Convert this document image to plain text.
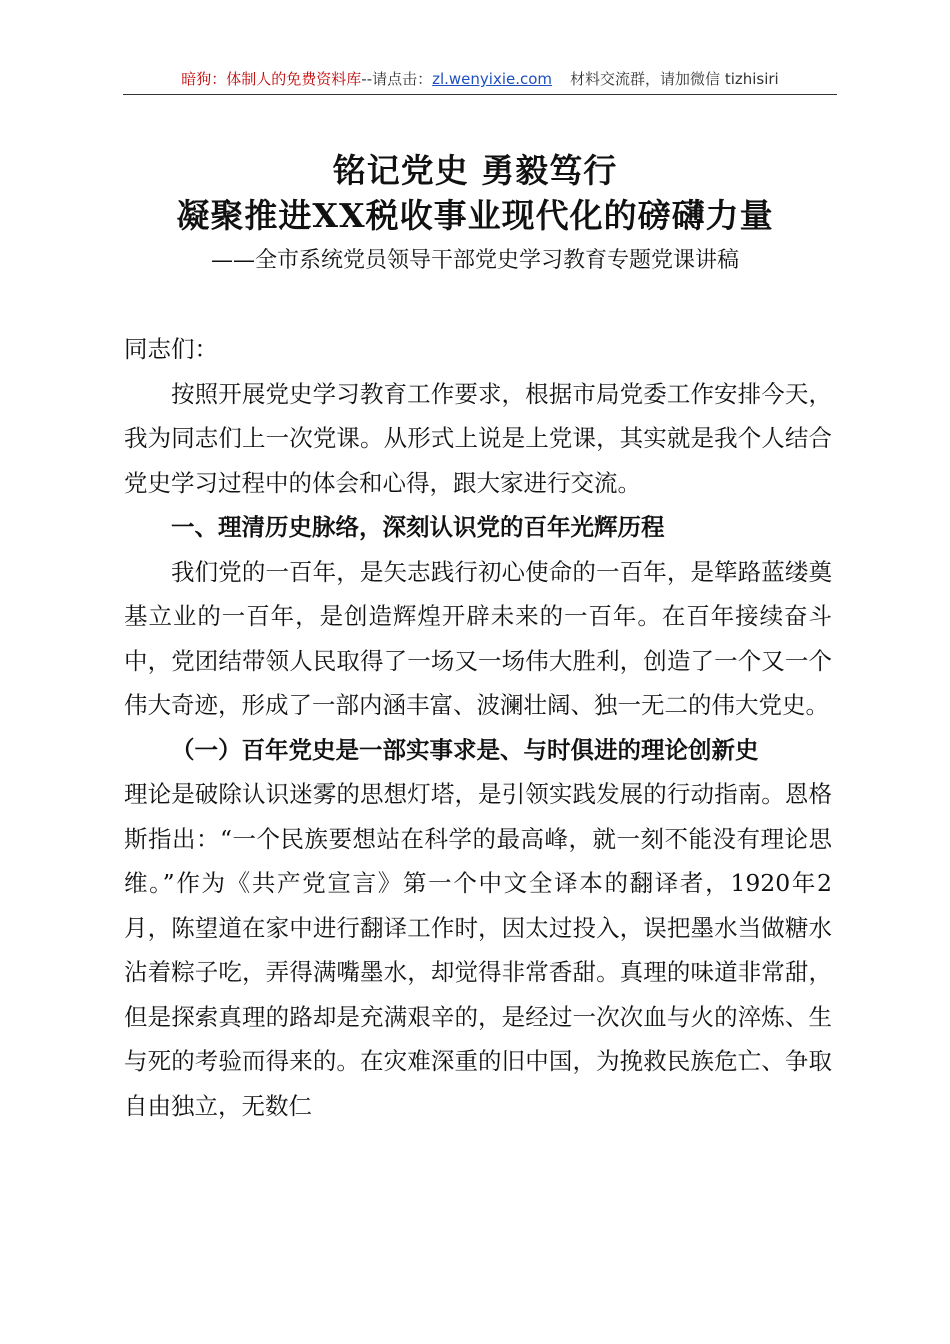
暗狗：体制人的免费资料库--请点击：zl.wenyixie.com 材料交流群，请加微信 tizhisiri
铭记党史 勇毅笃行
凝聚推进XX税收事业现代化的磅礴力量

——全市系统党员领导干部党史学习教育专题党课讲稿

同志们：

按照开展党史学习教育工作要求，根据市局党委工作安排今天，我为同志们上一次党课。从形式上说是上党课，其实就是我个人结合党史学习过程中的体会和心得，跟大家进行交流。

一、理清历史脉络，深刻认识党的百年光辉历程

我们党的一百年，是矢志践行初心使命的一百年，是筚路蓝缕奠基立业的一百年，是创造辉煌开辟未来的一百年。在百年接续奋斗中，党团结带领人民取得了一场又一场伟大胜利，创造了一个又一个伟大奇迹，形成了一部内涵丰富、波澜壮阔、独一无二的伟大党史。

（一）百年党史是一部实事求是、与时俱进的理论创新史

理论是破除认识迷雾的思想灯塔，是引领实践发展的行动指南。恩格斯指出：“一个民族要想站在科学的最高峰，就一刻不能没有理论思维。”作为《共产党宣言》第一个中文全译本的翻译者，1920年2月，陈望道在家中进行翻译工作时，因太过投入，误把墨水当做糖水沾着粽子吃，弄得满嘴墨水，却觉得非常香甜。真理的味道非常甜，但是探索真理的路却是充满艰辛的，是经过一次次血与火的淬炼、生与死的考验而得来的。在灾难深重的旧中国，为挽救民族危亡、争取自由独立，无数仁
